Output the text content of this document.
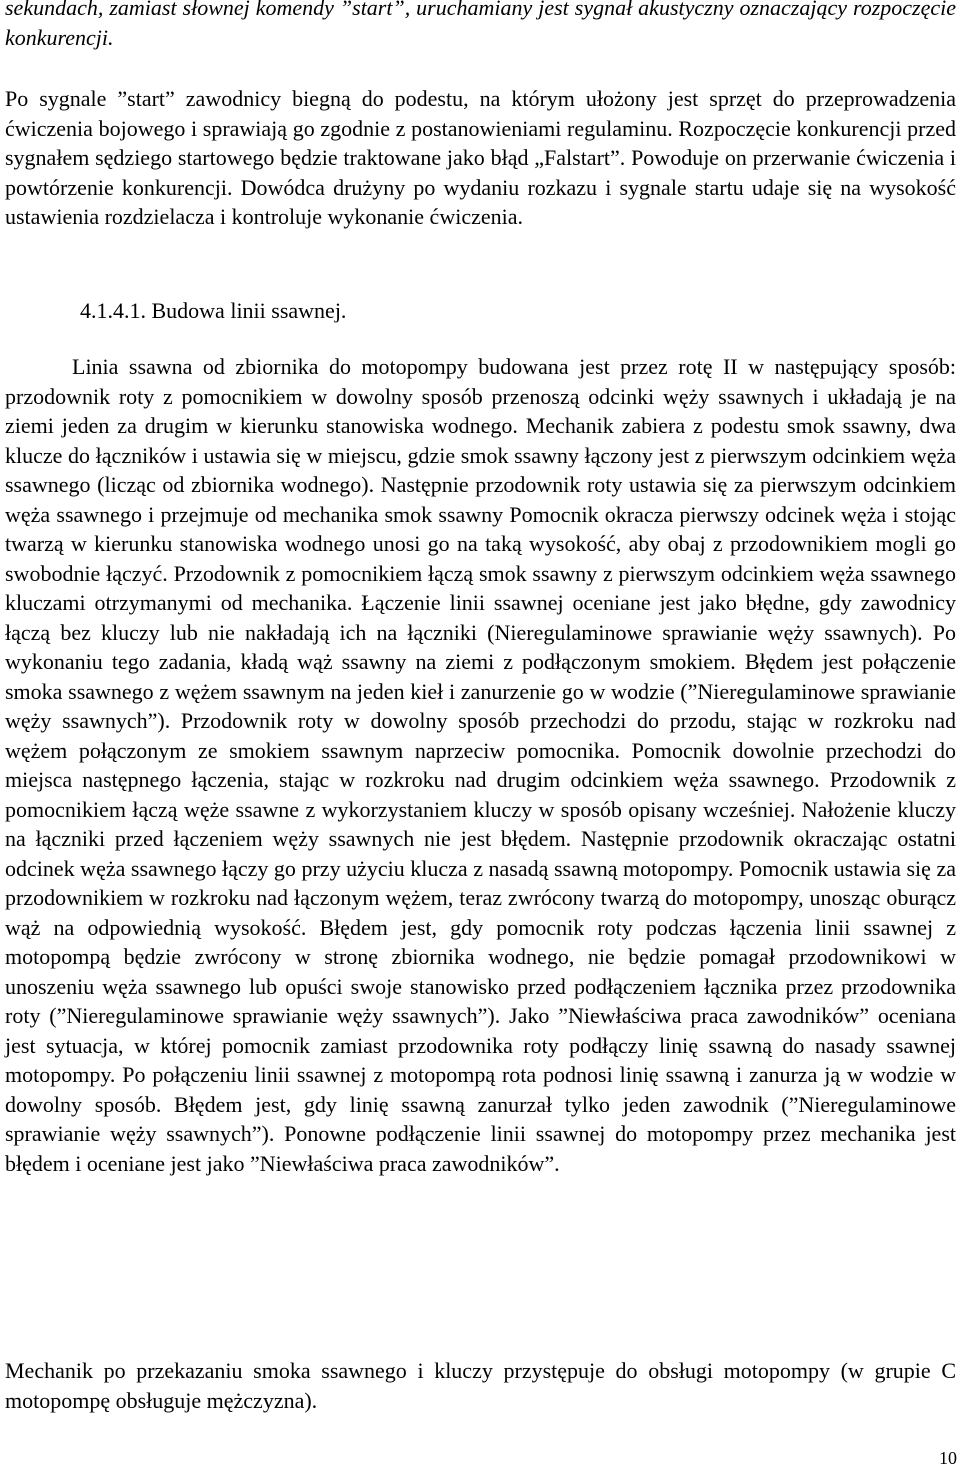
sekundach, zamiast słownej komendy ”start”, uruchamiany jest sygnał akustyczny oznaczający rozpoczęcie konkurencji.

Po sygnale ”start” zawodnicy biegną do podestu, na którym ułożony jest sprzęt do przeprowadzenia ćwiczenia bojowego i sprawiają go zgodnie z postanowieniami regulaminu. Rozpoczęcie konkurencji przed sygnałem sędziego startowego będzie traktowane jako błąd „Falstart”. Powoduje on przerwanie ćwiczenia i powtórzenie konkurencji. Dowódca drużyny po wydaniu rozkazu i sygnale startu udaje się na wysokość ustawienia rozdzielacza i kontroluje wykonanie ćwiczenia.

4.1.4.1. Budowa linii ssawnej.

Linia ssawna od zbiornika do motopompy budowana jest przez rotę II w następujący sposób: przodownik roty z pomocnikiem w dowolny sposób przenoszą odcinki węży ssawnych i układają je na ziemi jeden za drugim w kierunku stanowiska wodnego. Mechanik zabiera z podestu smok ssawny, dwa klucze do łączników i ustawia się w miejscu, gdzie smok ssawny łączony jest z pierwszym odcinkiem węża ssawnego (licząc od zbiornika wodnego). Następnie przodownik roty ustawia się za pierwszym odcinkiem węża ssawnego i przejmuje od mechanika smok ssawny Pomocnik okracza pierwszy odcinek węża i stojąc twarzą w kierunku stanowiska wodnego unosi go na taką wysokość, aby obaj z przodownikiem mogli go swobodnie łączyć. Przodownik z pomocnikiem łączą smok ssawny z pierwszym odcinkiem węża ssawnego kluczami otrzymanymi od mechanika. Łączenie linii ssawnej oceniane jest jako błędne, gdy zawodnicy łączą bez kluczy lub nie nakładają ich na łączniki (Nieregulaminowe sprawianie węży ssawnych). Po wykonaniu tego zadania, kładą wąż ssawny na ziemi z podłączonym smokiem. Błędem jest połączenie smoka ssawnego z wężem ssawnym na jeden kieł i zanurzenie go w wodzie (”Nieregulaminowe sprawianie węży ssawnych”). Przodownik roty w dowolny sposób przechodzi do przodu, stając w rozkroku nad wężem połączonym ze smokiem ssawnym naprzeciw pomocnika. Pomocnik dowolnie przechodzi do miejsca następnego łączenia, stając w rozkroku nad drugim odcinkiem węża ssawnego. Przodownik z pomocnikiem łączą węże ssawne z wykorzystaniem kluczy w sposób opisany wcześniej. Nałożenie kluczy na łączniki przed łączeniem węży ssawnych nie jest błędem. Następnie przodownik okraczając ostatni odcinek węża ssawnego łączy go przy użyciu klucza z nasadą ssawną motopompy. Pomocnik ustawia się za przodownikiem w rozkroku nad łączonym wężem, teraz zwrócony twarzą do motopompy, unosząc oburącz wąż na odpowiednią wysokość. Błędem jest, gdy pomocnik roty podczas łączenia linii ssawnej z motopompą będzie zwrócony w stronę zbiornika wodnego, nie będzie pomagał przodownikowi w unoszeniu węża ssawnego lub opuści swoje stanowisko przed podłączeniem łącznika przez przodownika roty (”Nieregulaminowe sprawianie węży ssawnych”). Jako ”Niewłaściwa praca zawodników” oceniana jest sytuacja, w której pomocnik zamiast przodownika roty podłączy linię ssawną do nasady ssawnej motopompy. Po połączeniu linii ssawnej z motopompą rota podnosi linię ssawną i zanurza ją w wodzie w dowolny sposób. Błędem jest, gdy linię ssawną zanurzał tylko jeden zawodnik (”Nieregulaminowe sprawianie węży ssawnych”). Ponowne podłączenie linii ssawnej do motopompy przez mechanika jest błędem i oceniane jest jako ”Niewłaściwa praca zawodników”.

Mechanik po przekazaniu smoka ssawnego i kluczy przystępuje do obsługi motopompy (w grupie C motopompę obsługuje mężczyzna).

10
